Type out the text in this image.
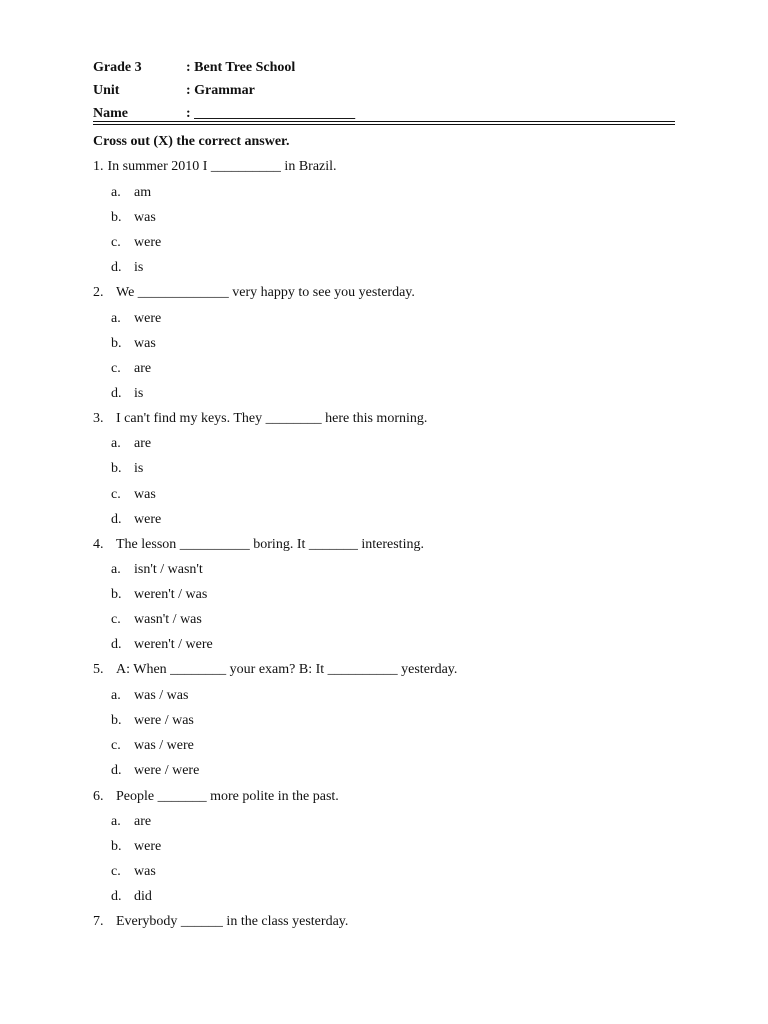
Grade 3	: Bent Tree School
Unit	: Grammar
Name	: _______________________
Cross out (X) the correct answer.
1. In summer 2010 I __________ in Brazil.
a. am
b. was
c. were
d. is
2. We _____________ very happy to see you yesterday.
a. were
b. was
c. are
d. is
3. I can't find my keys. They ________ here this morning.
a. are
b. is
c. was
d. were
4. The lesson __________ boring. It _______ interesting.
a. isn't / wasn't
b. weren't / was
c. wasn't / was
d. weren't / were
5. A: When ________ your exam? B: It __________ yesterday.
a. was / was
b. were / was
c. was / were
d. were / were
6. People _______ more polite in the past.
a. are
b. were
c. was
d. did
7. Everybody ______ in the class yesterday.
